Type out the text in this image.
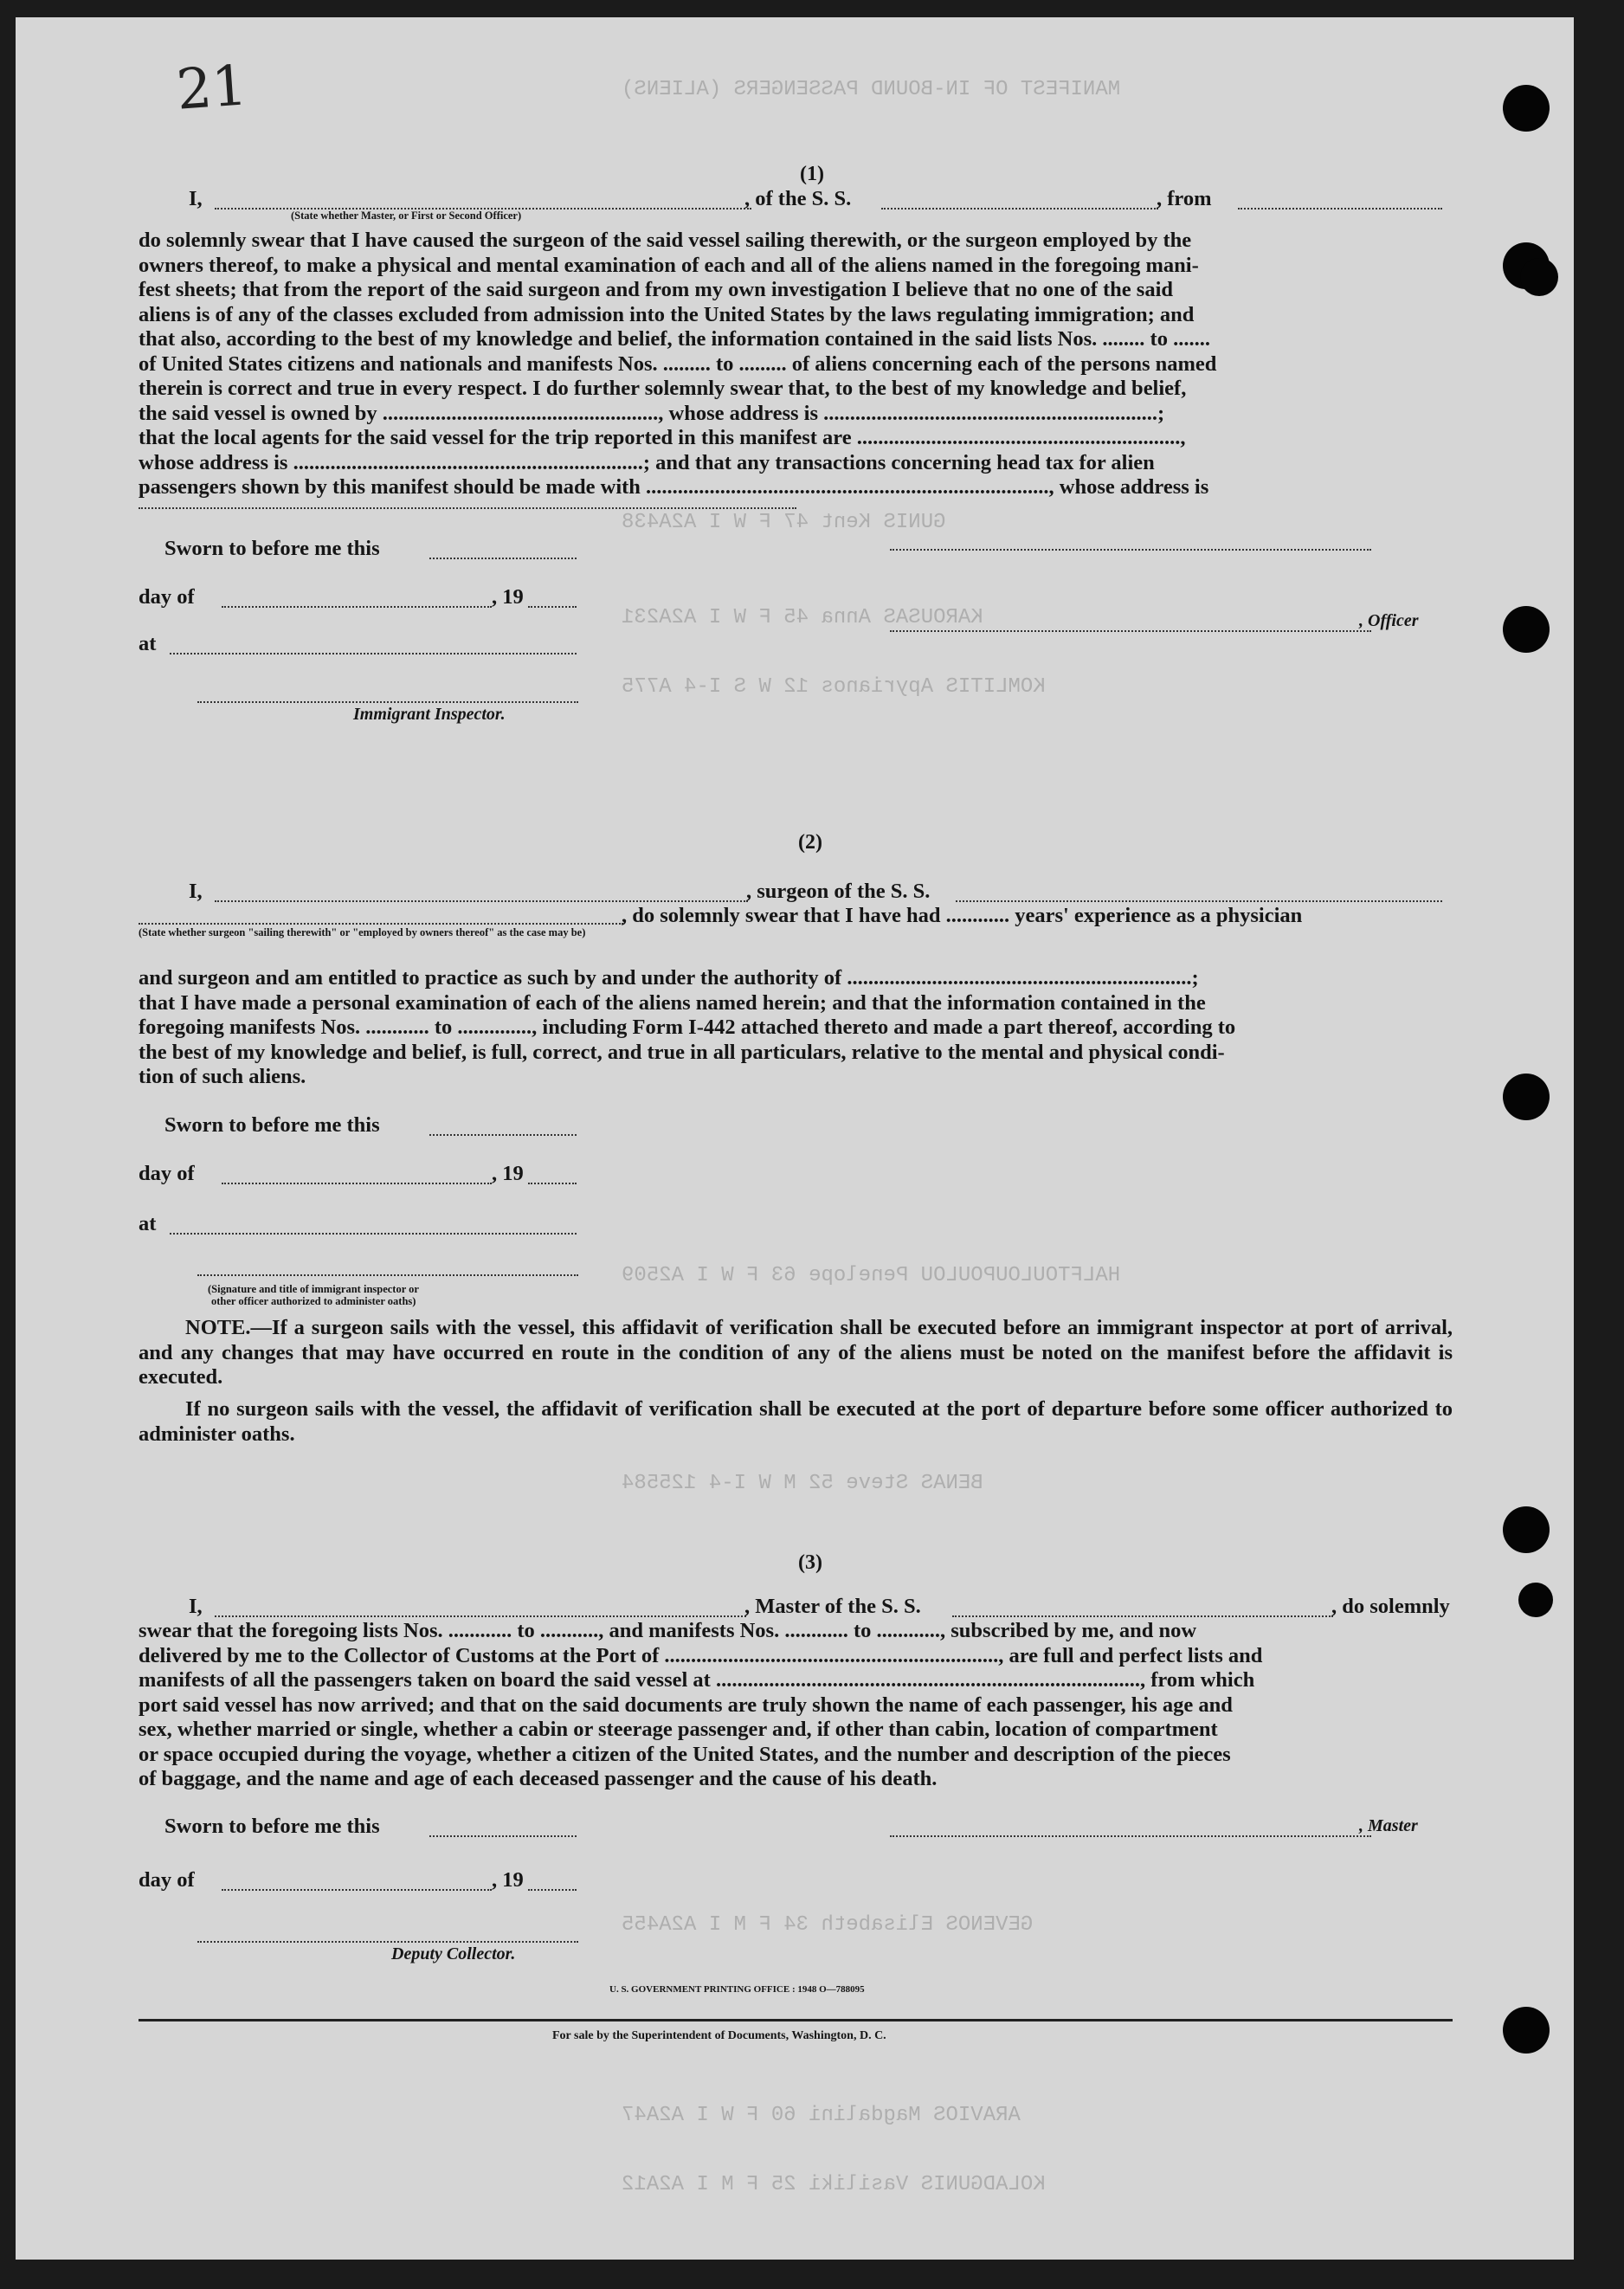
MANIFEST OF IN-BOUND PASSENGERS (ALIENS)
GUNIS Kent 47 F W I A2A438
KAROUSAS Anna 45 F W I A2A231
KOMLITIS Apyrianos 12 W S I-4 A775
HALFTOULOUPOULOU Penelope 63 F W I A2509
BENAS Steve 52 M W I-4 125584
GEVENOS Elisabeth 34 F M I A2A455
ARAVIOS Magdalini 60 F W I A2A47
KOLADGUNIS Vasiliki 25 F M I A2A12
21
(1)
I,	, of the S. S.	, from
(State whether Master, or First or Second Officer)

do solemnly swear that I have caused the surgeon of the said vessel sailing therewith, or the surgeon employed by the

owners thereof, to make a physical and mental examination of each and all of the aliens named in the foregoing mani-

fest sheets; that from the report of the said surgeon and from my own investigation I believe that no one of the said

aliens is of any of the classes excluded from admission into the United States by the laws regulating immigration; and

that also, according to the best of my knowledge and belief, the information contained in the said lists Nos. ........ to .......

of United States citizens and nationals and manifests Nos. ......... to ......... of aliens concerning each of the persons named

therein is correct and true in every respect. I do further solemnly swear that, to the best of my knowledge and belief,

the said vessel is owned by ...................................................., whose address is ...............................................................;

that the local agents for the said vessel for the trip reported in this manifest are .............................................................,

whose address is ..................................................................; and that any transactions concerning head tax for alien

passengers shown by this manifest should be made with ............................................................................, whose address is

Sworn to before me this
day of	, 19
at
Immigrant Inspector.
, Officer
(2)
I,	, surgeon of the S. S.
, do solemnly swear that I have had ............ years' experience as a physician
(State whether surgeon "sailing therewith" or "employed by owners thereof" as the case may be)

and surgeon and am entitled to practice as such by and under the authority of .................................................................;

that I have made a personal examination of each of the aliens named herein; and that the information contained in the

foregoing manifests Nos. ............ to .............., including Form I-442 attached thereto and made a part thereof, according to

the best of my knowledge and belief, is full, correct, and true in all particulars, relative to the mental and physical condi-

tion of such aliens.

Sworn to before me this
day of	, 19
at
(Signature and title of immigrant inspector or
other officer authorized to administer oaths)
NOTE.—If a surgeon sails with the vessel, this affidavit of verification shall be executed before an immigrant inspector at port of arrival, and any changes that may have occurred en route in the condition of any of the aliens must be noted on the manifest before the affidavit is executed.
If no surgeon sails with the vessel, the affidavit of verification shall be executed at the port of departure before some officer authorized to administer oaths.
(3)
I,	, Master of the S. S.	, do solemnly

swear that the foregoing lists Nos. ............ to ..........., and manifests Nos. ............ to ............, subscribed by me, and now

delivered by me to the Collector of Customs at the Port of ..............................................................., are full and perfect lists and

manifests of all the passengers taken on board the said vessel at ................................................................................, from which

port said vessel has now arrived; and that on the said documents are truly shown the name of each passenger, his age and

sex, whether married or single, whether a cabin or steerage passenger and, if other than cabin, location of compartment

or space occupied during the voyage, whether a citizen of the United States, and the number and description of the pieces

of baggage, and the name and age of each deceased passenger and the cause of his death.

Sworn to before me this
day of	, 19
Deputy Collector.
, Master
U. S. GOVERNMENT PRINTING OFFICE : 1948 O—788095
For sale by the Superintendent of Documents, Washington, D. C.
